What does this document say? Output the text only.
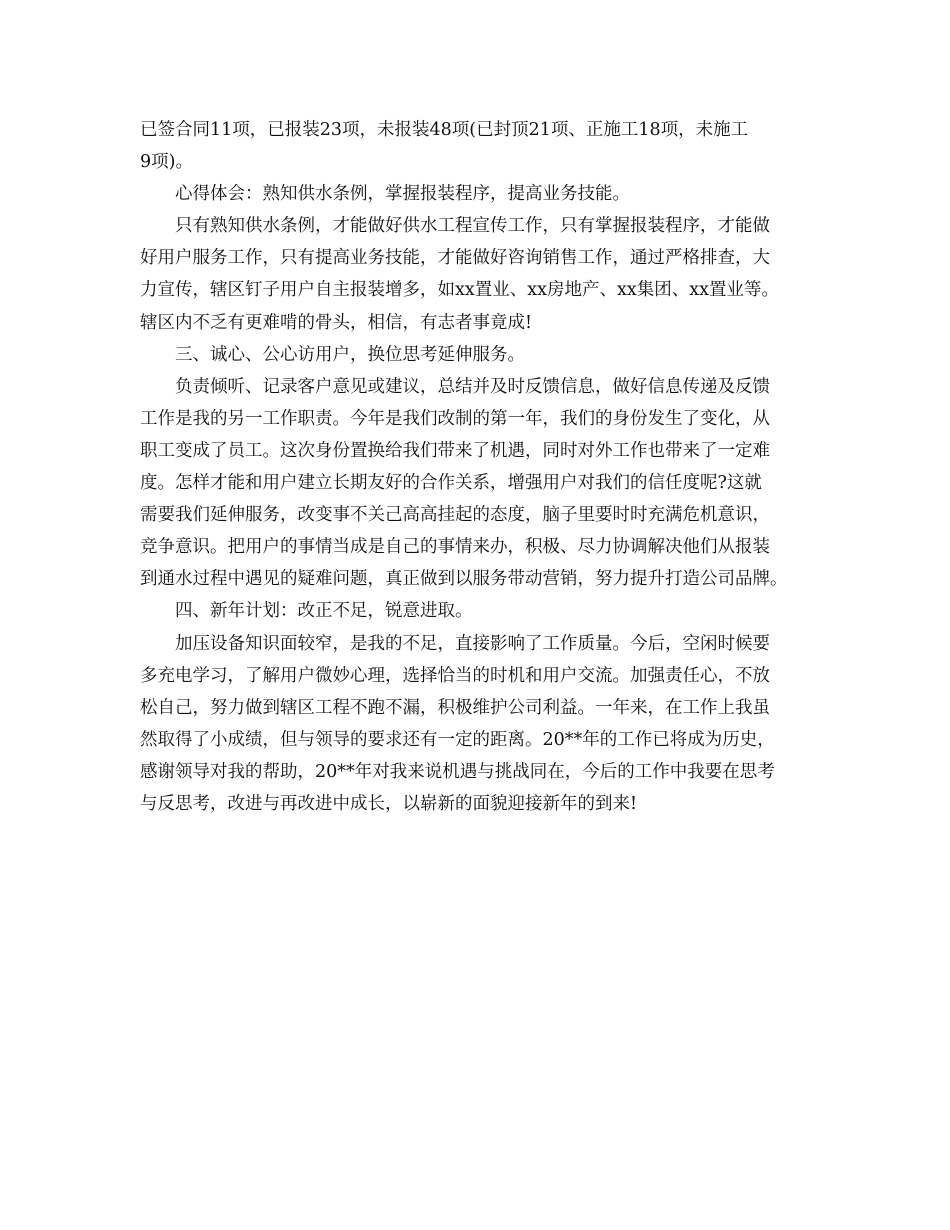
已签合同11项，已报装23项，未报装48项(已封顶21项、正施工18项，未施工
9项)。
心得体会：熟知供水条例，掌握报装程序，提高业务技能。
只有熟知供水条例，才能做好供水工程宣传工作，只有掌握报装程序，才能做
好用户服务工作，只有提高业务技能，才能做好咨询销售工作，通过严格排查，大
力宣传，辖区钉子用户自主报装增多，如xx置业、xx房地产、xx集团、xx置业等。
辖区内不乏有更难啃的骨头，相信，有志者事竟成!
三、诚心、公心访用户，换位思考延伸服务。
负责倾听、记录客户意见或建议，总结并及时反馈信息，做好信息传递及反馈
工作是我的另一工作职责。今年是我们改制的第一年，我们的身份发生了变化，从
职工变成了员工。这次身份置换给我们带来了机遇，同时对外工作也带来了一定难
度。怎样才能和用户建立长期友好的合作关系，增强用户对我们的信任度呢?这就
需要我们延伸服务，改变事不关己高高挂起的态度，脑子里要时时充满危机意识，
竞争意识。把用户的事情当成是自己的事情来办，积极、尽力协调解决他们从报装
到通水过程中遇见的疑难问题，真正做到以服务带动营销，努力提升打造公司品牌。
四、新年计划：改正不足，锐意进取。
加压设备知识面较窄，是我的不足，直接影响了工作质量。今后，空闲时候要
多充电学习，了解用户微妙心理，选择恰当的时机和用户交流。加强责任心，不放
松自己，努力做到辖区工程不跑不漏，积极维护公司利益。一年来，在工作上我虽
然取得了小成绩，但与领导的要求还有一定的距离。20**年的工作已将成为历史，
感谢领导对我的帮助，20**年对我来说机遇与挑战同在，今后的工作中我要在思考
与反思考，改进与再改进中成长，以崭新的面貌迎接新年的到来!
